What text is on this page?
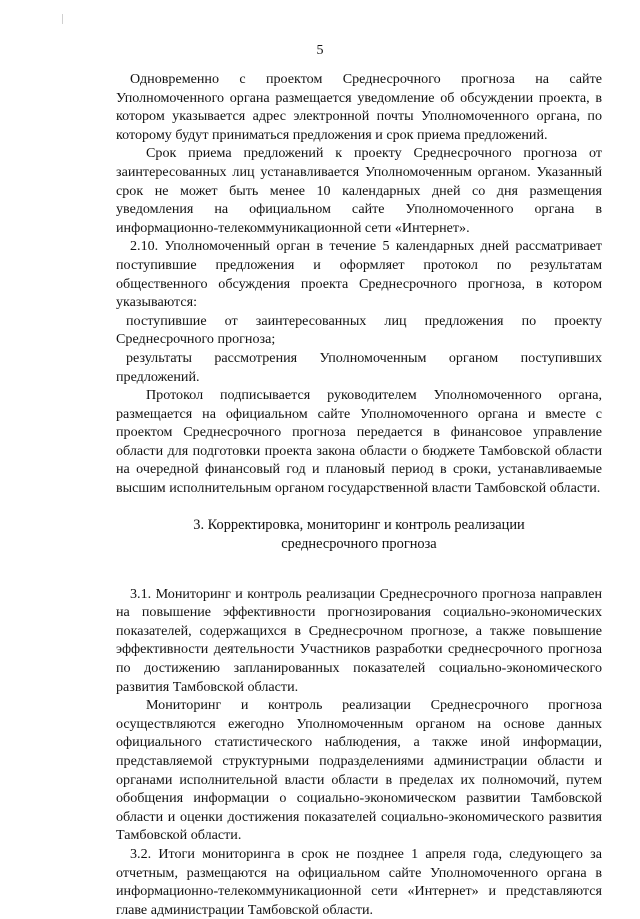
5

Одновременно с проектом Среднесрочного прогноза на сайте Уполномоченного органа размещается уведомление об обсуждении проекта, в котором указывается адрес электронной почты Уполномоченного органа, по которому будут приниматься предложения и срок приема предложений.

Срок приема предложений к проекту Среднесрочного прогноза от заинтересованных лиц устанавливается Уполномоченным органом. Указанный срок не может быть менее 10 календарных дней со дня размещения уведомления на официальном сайте Уполномоченного органа в информационно-телекоммуникационной сети «Интернет».

2.10. Уполномоченный орган в течение 5 календарных дней рассматривает поступившие предложения и оформляет протокол по результатам общественного обсуждения проекта Среднесрочного прогноза, в котором указываются:

поступившие от заинтересованных лиц предложения по проекту Среднесрочного прогноза;

результаты рассмотрения Уполномоченным органом поступивших предложений.

Протокол подписывается руководителем Уполномоченного органа, размещается на официальном сайте Уполномоченного органа и вместе с проектом Среднесрочного прогноза передается в финансовое управление области для подготовки проекта закона области о бюджете Тамбовской области на очередной финансовый год и плановый период в сроки, устанавливаемые высшим исполнительным органом государственной власти Тамбовской области.

3. Корректировка, мониторинг и контроль реализации
среднесрочного прогноза

3.1. Мониторинг и контроль реализации Среднесрочного прогноза направлен на повышение эффективности прогнозирования социально-экономических показателей, содержащихся в Среднесрочном прогнозе, а также повышение эффективности деятельности Участников разработки среднесрочного прогноза по достижению запланированных показателей социально-экономического развития Тамбовской области.

Мониторинг и контроль реализации Среднесрочного прогноза осуществляются ежегодно Уполномоченным органом на основе данных официального статистического наблюдения, а также иной информации, представляемой структурными подразделениями администрации области и органами исполнительной власти области в пределах их полномочий, путем обобщения информации о социально-экономическом развитии Тамбовской области и оценки достижения показателей социально-экономического развития Тамбовской области.

3.2. Итоги мониторинга в срок не позднее 1 апреля года, следующего за отчетным, размещаются на официальном сайте Уполномоченного органа в информационно-телекоммуникационной сети «Интернет» и представляются главе администрации Тамбовской области.
